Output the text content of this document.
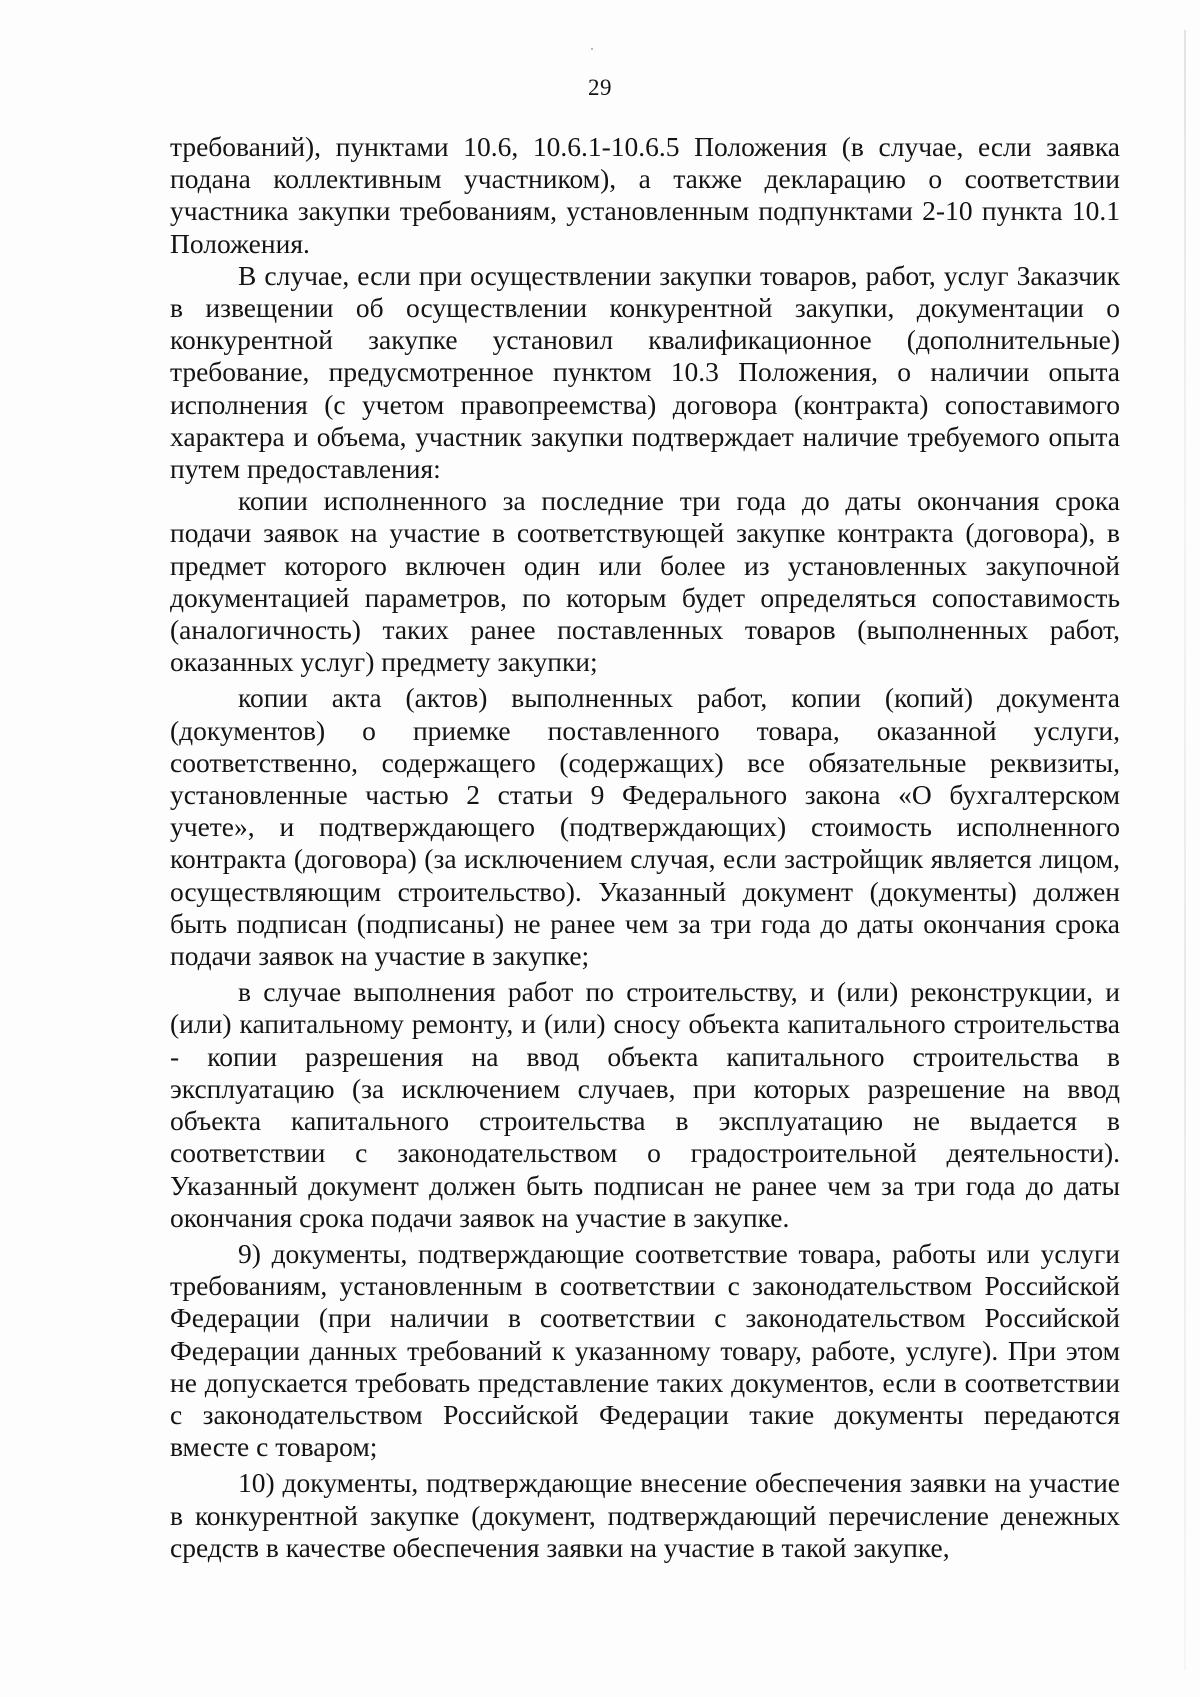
29

требований), пунктами 10.6, 10.6.1-10.6.5 Положения (в случае, если заявка подана коллективным участником), а также декларацию о соответствии участника закупки требованиям, установленным подпунктами 2-10 пункта 10.1 Положения.

В случае, если при осуществлении закупки товаров, работ, услуг Заказчик в извещении об осуществлении конкурентной закупки, документации о конкурентной закупке установил квалификационное (дополнительные) требование, предусмотренное пунктом 10.3 Положения, о наличии опыта исполнения (с учетом правопреемства) договора (контракта) сопоставимого характера и объема, участник закупки подтверждает наличие требуемого опыта путем предоставления:

копии исполненного за последние три года до даты окончания срока подачи заявок на участие в соответствующей закупке контракта (договора), в предмет которого включен один или более из установленных закупочной документацией параметров, по которым будет определяться сопоставимость (аналогичность) таких ранее поставленных товаров (выполненных работ, оказанных услуг) предмету закупки;

копии акта (актов) выполненных работ, копии (копий) документа (документов) о приемке поставленного товара, оказанной услуги, соответственно, содержащего (содержащих) все обязательные реквизиты, установленные частью 2 статьи 9 Федерального закона «О бухгалтерском учете», и подтверждающего (подтверждающих) стоимость исполненного контракта (договора) (за исключением случая, если застройщик является лицом, осуществляющим строительство). Указанный документ (документы) должен быть подписан (подписаны) не ранее чем за три года до даты окончания срока подачи заявок на участие в закупке;

в случае выполнения работ по строительству, и (или) реконструкции, и (или) капитальному ремонту, и (или) сносу объекта капитального строительства - копии разрешения на ввод объекта капитального строительства в эксплуатацию (за исключением случаев, при которых разрешение на ввод объекта капитального строительства в эксплуатацию не выдается в соответствии с законодательством о градостроительной деятельности). Указанный документ должен быть подписан не ранее чем за три года до даты окончания срока подачи заявок на участие в закупке.

9) документы, подтверждающие соответствие товара, работы или услуги требованиям, установленным в соответствии с законодательством Российской Федерации (при наличии в соответствии с законодательством Российской Федерации данных требований к указанному товару, работе, услуге). При этом не допускается требовать представление таких документов, если в соответствии с законодательством Российской Федерации такие документы передаются вместе с товаром;

10) документы, подтверждающие внесение обеспечения заявки на участие в конкурентной закупке (документ, подтверждающий перечисление денежных средств в качестве обеспечения заявки на участие в такой закупке,
